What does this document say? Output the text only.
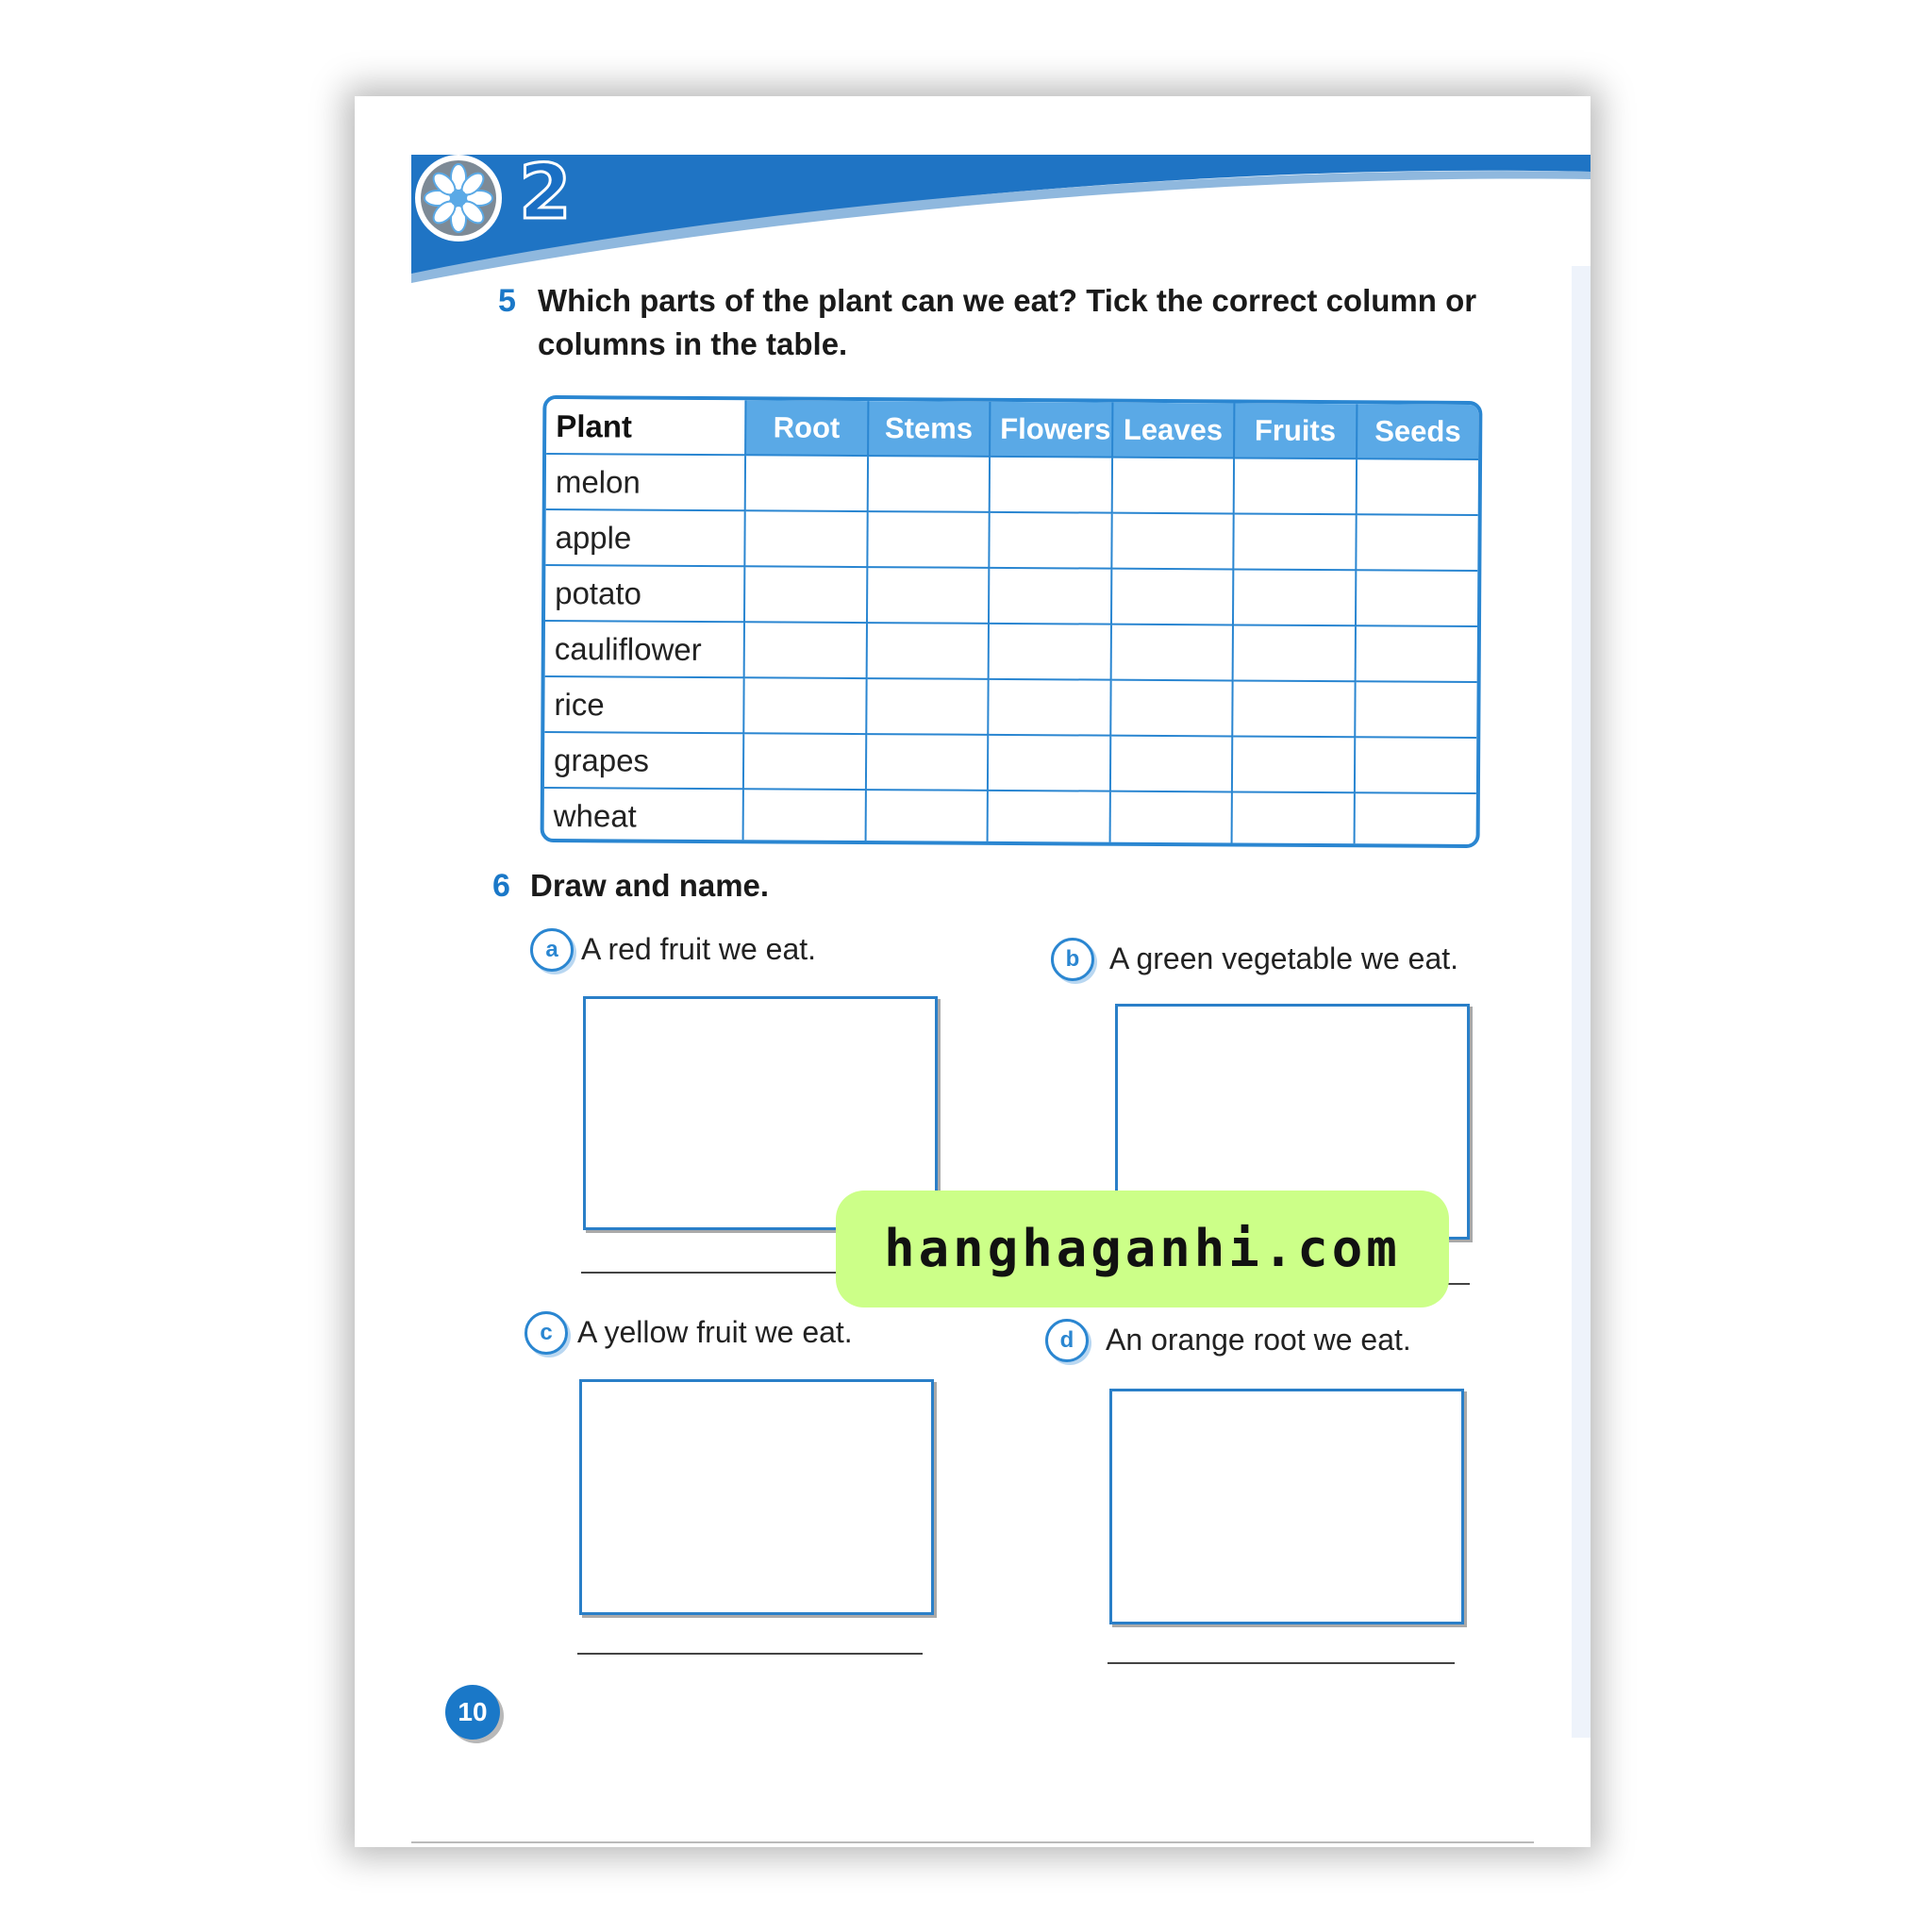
2
5 Which parts of the plant can we eat? Tick the correct column or
columns in the table.
Plant	Root	Stems	Flowers	Leaves	Fruits	Seeds
melon						
apple						
potato						
cauliflower						
rice						
grapes						
wheat						
6 Draw and name.
a A red fruit we eat.	b A green vegetable we eat.
c A yellow fruit we eat.	d	An orange root we eat.
hanghaganhi.com
10
